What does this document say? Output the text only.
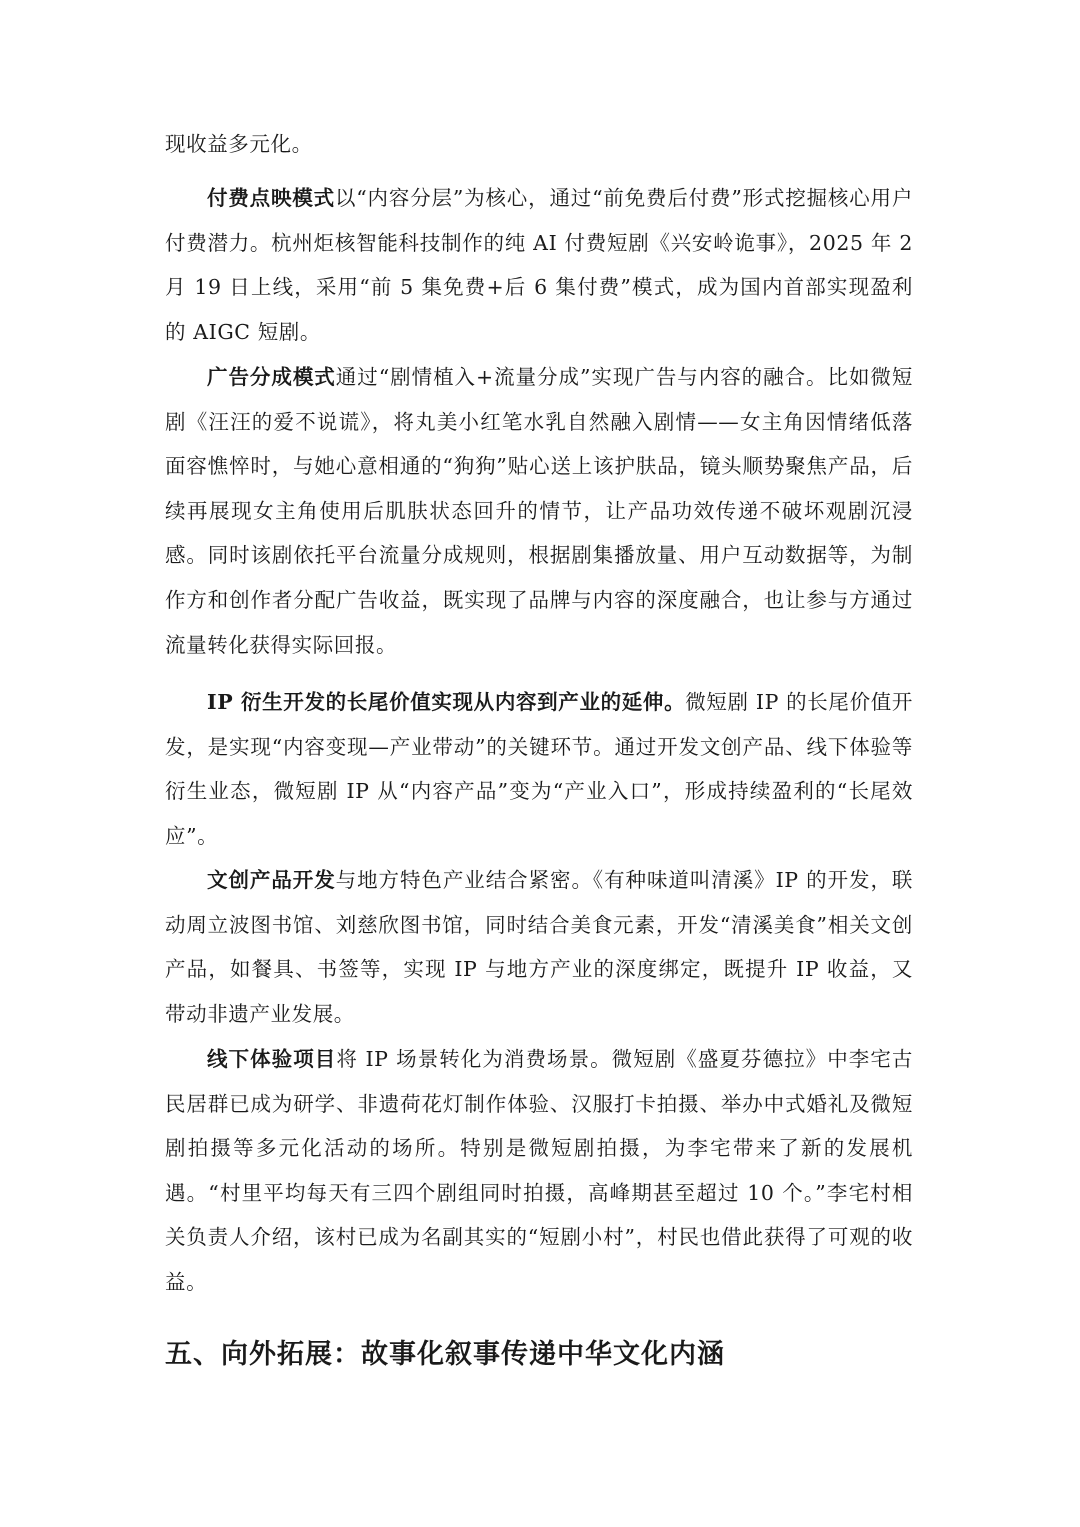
现收益多元化。

付费点映模式以“内容分层”为核心，通过“前免费后付费”形式挖掘核心用户付费潜力。杭州炬核智能科技制作的纯 AI 付费短剧《兴安岭诡事》，2025 年 2 月 19 日上线，采用“前 5 集免费+后 6 集付费”模式，成为国内首部实现盈利的 AIGC 短剧。

广告分成模式通过“剧情植入+流量分成”实现广告与内容的融合。比如微短剧《汪汪的爱不说谎》，将丸美小红笔水乳自然融入剧情——女主角因情绪低落面容憔悴时，与她心意相通的“狗狗”贴心送上该护肤品，镜头顺势聚焦产品，后续再展现女主角使用后肌肤状态回升的情节，让产品功效传递不破坏观剧沉浸感。同时该剧依托平台流量分成规则，根据剧集播放量、用户互动数据等，为制作方和创作者分配广告收益，既实现了品牌与内容的深度融合，也让参与方通过流量转化获得实际回报。

IP 衍生开发的长尾价值实现从内容到产业的延伸。微短剧 IP 的长尾价值开发，是实现“内容变现—产业带动”的关键环节。通过开发文创产品、线下体验等衍生业态，微短剧 IP 从“内容产品”变为“产业入口”，形成持续盈利的“长尾效应”。

文创产品开发与地方特色产业结合紧密。《有种味道叫清溪》IP 的开发，联动周立波图书馆、刘慈欣图书馆，同时结合美食元素，开发“清溪美食”相关文创产品，如餐具、书签等，实现 IP 与地方产业的深度绑定，既提升 IP 收益，又带动非遗产业发展。

线下体验项目将 IP 场景转化为消费场景。微短剧《盛夏芬德拉》中李宅古民居群已成为研学、非遗荷花灯制作体验、汉服打卡拍摄、举办中式婚礼及微短剧拍摄等多元化活动的场所。特别是微短剧拍摄，为李宅带来了新的发展机遇。“村里平均每天有三四个剧组同时拍摄，高峰期甚至超过 10 个。”李宅村相关负责人介绍，该村已成为名副其实的“短剧小村”，村民也借此获得了可观的收益。

五、向外拓展：故事化叙事传递中华文化内涵
